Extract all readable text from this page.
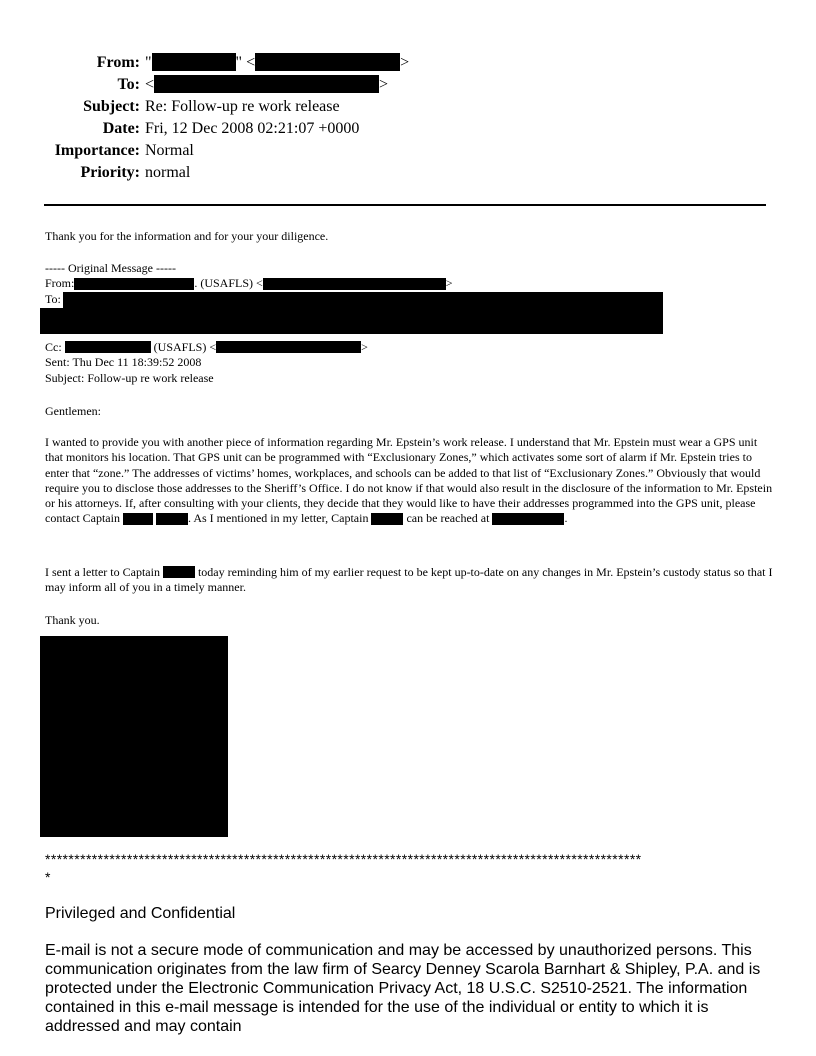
From: "	" <	>
To: <	>
Subject: Re: Follow-up re work release
Date: Fri, 12 Dec 2008 02:21:07 +0000
Importance: Normal
Priority: normal
Thank you for the information and for your your diligence.

----- Original Message -----

From:	. (USAFLS) <	>

To:

Cc:	(USAFLS) <	>

Sent: Thu Dec 11 18:39:52 2008

Subject: Follow-up re work release

Gentlemen:
I wanted to provide you with another piece of information regarding Mr. Epstein’s work release. I understand that Mr. Epstein must wear a GPS unit that monitors his location. That GPS unit can be programmed with “Exclusionary Zones,” which activates some sort of alarm if Mr. Epstein tries to enter that “zone.” The addresses of victims’ homes, workplaces, and schools can be added to that list of “Exclusionary Zones.” Obviously that would require you to disclose those addresses to the Sheriff’s Office. I do not know if that would also result in the disclosure of the information to Mr. Epstein or his attorneys. If, after consulting with your clients, they decide that they would like to have their addresses programmed into the GPS unit, please contact Captain	. As I mentioned in my letter, Captain	can be reached at	.
I sent a letter to Captain	today reminding him of my earlier request to be kept up-to-date on any changes in Mr. Epstein’s custody status so that I may inform all of you in a timely manner.
Thank you.
******************************************************************************************************
*
Privileged and Confidential
E-mail is not a secure mode of communication and may be accessed by unauthorized persons. This communication originates from the law firm of Searcy Denney Scarola Barnhart & Shipley, P.A. and is protected under the Electronic Communication Privacy Act, 18 U.S.C. S2510-2521. The information contained in this e-mail message is intended for the use of the individual or entity to which it is addressed and may contain
